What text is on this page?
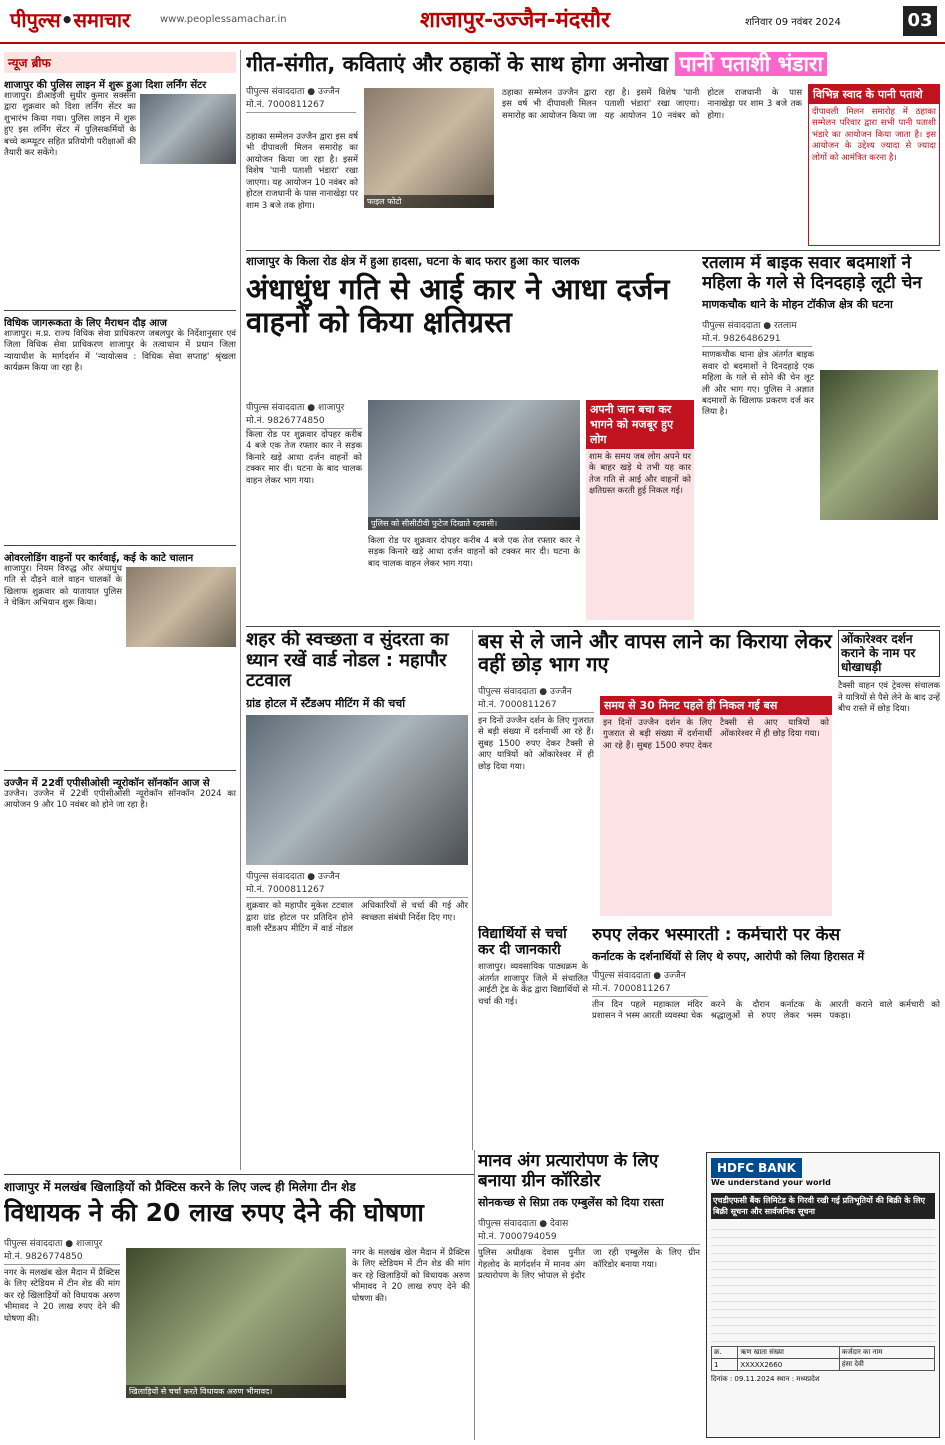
पीपुल्स•समाचार	www.peoplessamachar.in	शाजापुर-उज्जैन-मंदसौर	शनिवार 09 नवंबर 2024	03
न्यूज ब्रीफ
शाजापुर की पुलिस लाइन में शुरू हुआ दिशा लर्निंग सेंटर
शाजापुर। डीआईजी सुधीर कुमार सक्सेना द्वारा शुक्रवार को दिशा लर्निंग सेंटर का शुभारंभ किया गया। पुलिस लाइन में शुरू हुए इस लर्निंग सेंटर में पुलिसकर्मियों के बच्चे कम्प्यूटर सहित प्रतियोगी परीक्षाओं की तैयारी कर सकेंगे।
विधिक जागरूकता के लिए मैराथन दौड़ आज
शाजापुर। म.प्र. राज्य विधिक सेवा प्राधिकरण जबलपुर के निर्देशानुसार एवं जिला विधिक सेवा प्राधिकरण शाजापुर के तत्वाधान में प्रधान जिला न्यायाधीश के मार्गदर्शन में 'न्यायोत्सव : विधिक सेवा सप्ताह' श्रृंखला कार्यक्रम किया जा रहा है।
ओवरलोडिंग वाहनों पर कार्रवाई, कई के काटे चालान
शाजापुर। नियम विरुद्ध और अंधाधुंध गति से दौड़ने वाले वाहन चालकों के खिलाफ शुक्रवार को यातायात पुलिस ने चेकिंग अभियान शुरू किया।
उज्जैन में 22वीं एपीसीओसी न्यूरोकॉन सॉनकॉन आज से
उज्जैन। उज्जैन में 22वीं एपीसीओसी न्यूरोकॉन सॉनकॉन 2024 का आयोजन 9 और 10 नवंबर को होने जा रहा है।
गीत-संगीत, कविताएं और ठहाकों के साथ होगा अनोखा पानी पताशी भंडारा
पीपुल्स संवाददाता ● उज्जैन
मो.नं. 7000811267
फाइल फोटो
ठहाका सम्मेलन उज्जैन द्वारा इस वर्ष भी दीपावली मिलन समारोह का आयोजन किया जा रहा है। इसमें विशेष 'पानी पताशी भंडारा' रखा जाएगा। यह आयोजन 10 नवंबर को होटल राजधानी के पास नानाखेड़ा पर शाम 3 बजे तक होगा।
ठहाका सम्मेलन उज्जैन द्वारा इस वर्ष भी दीपावली मिलन समारोह का आयोजन किया जा रहा है। इसमें विशेष 'पानी पताशी भंडारा' रखा जाएगा। यह आयोजन 10 नवंबर को होटल राजधानी के पास नानाखेड़ा पर शाम 3 बजे तक होगा।
विभिन्न स्वाद के पानी पताशे
दीपावली मिलन समारोह में ठहाका सम्मेलन परिवार द्वारा सभी पानी पताशी भंडारे का आयोजन किया जाता है। इस आयोजन के उद्देश्य ज्यादा से ज्यादा लोगों को आमंत्रित करना है।
शाजापुर के किला रोड क्षेत्र में हुआ हादसा, घटना के बाद फरार हुआ कार चालक
अंधाधुंध गति से आई कार ने आधा दर्जन वाहनों को किया क्षतिग्रस्त
पीपुल्स संवाददाता ● शाजापुर
मो.नं. 9826774850
किला रोड पर शुक्रवार दोपहर करीब 4 बजे एक तेज रफ्तार कार ने सड़क किनारे खड़े आधा दर्जन वाहनों को टक्कर मार दी। घटना के बाद चालक वाहन लेकर भाग गया।
पुलिस को सीसीटीवी फुटेज दिखाते रहवासी।
किला रोड पर शुक्रवार दोपहर करीब 4 बजे एक तेज रफ्तार कार ने सड़क किनारे खड़े आधा दर्जन वाहनों को टक्कर मार दी। घटना के बाद चालक वाहन लेकर भाग गया।
अपनी जान बचा कर भागने को मजबूर हुए लोग
शाम के समय जब लोग अपने घर के बाहर खड़े थे तभी यह कार तेज गति से आई और वाहनों को क्षतिग्रस्त करती हुई निकल गई।
रतलाम में बाइक सवार बदमाशों ने महिला के गले से दिनदहाड़े लूटी चेन
माणकचौक थाने के मोहन टॉकीज क्षेत्र की घटना
पीपुल्स संवाददाता ● रतलाम
मो.नं. 9826486291
माणकचौक थाना क्षेत्र अंतर्गत बाइक सवार दो बदमाशों ने दिनदहाड़े एक महिला के गले से सोने की चेन लूट ली और भाग गए। पुलिस ने अज्ञात बदमाशों के खिलाफ प्रकरण दर्ज कर लिया है।
शहर की स्वच्छता व सुंदरता का ध्यान रखें वार्ड नोडल : महापौर टटवाल
ग्रांड होटल में स्टैंडअप मीटिंग में की चर्चा
पीपुल्स संवाददाता ● उज्जैन
मो.नं. 7000811267
शुक्रवार को महापौर मुकेश टटवाल द्वारा ग्रांड होटल पर प्रतिदिन होने वाली स्टैंडअप मीटिंग में वार्ड नोडल अधिकारियों से चर्चा की गई और स्वच्छता संबंधी निर्देश दिए गए।
बस से ले जाने और वापस लाने का किराया लेकर वहीं छोड़ भाग गए
पीपुल्स संवाददाता ● उज्जैन
मो.नं. 7000811267
इन दिनों उज्जैन दर्शन के लिए गुजरात से बड़ी संख्या में दर्शनार्थी आ रहे हैं। सुबह 1500 रुपए देकर टैक्सी से आए यात्रियों को ओंकारेश्वर में ही छोड़ दिया गया।
समय से 30 मिनट पहले ही निकल गई बस
इन दिनों उज्जैन दर्शन के लिए गुजरात से बड़ी संख्या में दर्शनार्थी आ रहे हैं। सुबह 1500 रुपए देकर टैक्सी से आए यात्रियों को ओंकारेश्वर में ही छोड़ दिया गया।
ओंकारेश्वर दर्शन कराने के नाम पर धोखाधड़ी
टैक्सी वाहन एवं ट्रेवल्स संचालक ने यात्रियों से पैसे लेने के बाद उन्हें बीच रास्ते में छोड़ दिया।
विद्यार्थियों से चर्चा कर दी जानकारी
शाजापुर। व्यवसायिक पाठ्यक्रम के अंतर्गत शाजापुर जिले में संचालित आईटी ट्रेड के केंद्र द्वारा विद्यार्थियों से चर्चा की गई।
रुपए लेकर भस्मारती : कर्मचारी पर केस
कर्नाटक के दर्शनार्थियों से लिए थे रुपए, आरोपी को लिया हिरासत में
पीपुल्स संवाददाता ● उज्जैन
मो.नं. 7000811267
तीन दिन पहले महाकाल मंदिर प्रशासन ने भस्म आरती व्यवस्था चेक करने के दौरान कर्नाटक के श्रद्धालुओं से रुपए लेकर भस्म आरती कराने वाले कर्मचारी को पकड़ा।
शाजापुर में मलखंब खिलाड़ियों को प्रैक्टिस करने के लिए जल्द ही मिलेगा टीन शेड
विधायक ने की 20 लाख रुपए देने की घोषणा
पीपुल्स संवाददाता ● शाजापुर
मो.नं. 9826774850
नगर के मलखंब खेल मैदान में प्रैक्टिस के लिए स्टेडियम में टीन शेड की मांग कर रहे खिलाड़ियों को विधायक अरुण भीमावद ने 20 लाख रुपए देने की घोषणा की।
खिलाड़ियों से चर्चा करते विधायक अरुण भीमावद।
नगर के मलखंब खेल मैदान में प्रैक्टिस के लिए स्टेडियम में टीन शेड की मांग कर रहे खिलाड़ियों को विधायक अरुण भीमावद ने 20 लाख रुपए देने की घोषणा की।
मानव अंग प्रत्यारोपण के लिए बनाया ग्रीन कॉरिडोर
सोनकच्छ से सिप्रा तक एम्बुलेंस को दिया रास्ता
पीपुल्स संवाददाता ● देवास
मो.नं. 7000794059
पुलिस अधीक्षक देवास पुनीत गेहलोद के मार्गदर्शन में मानव अंग प्रत्यारोपण के लिए भोपाल से इंदौर जा रही एम्बुलेंस के लिए ग्रीन कॉरिडोर बनाया गया।
HDFC BANK
We understand your world
एचडीएफसी बैंक लिमिटेड के गिरवी रखी गई प्रतिभूतियों की बिक्री के लिए बिक्री सूचना और सार्वजनिक सूचना
क्र.	ऋण खाता संख्या	कर्जदार का नाम
1	XXXXX2660	हंसा देवी
दिनांक : 09.11.2024 स्थान : मध्यप्रदेश
